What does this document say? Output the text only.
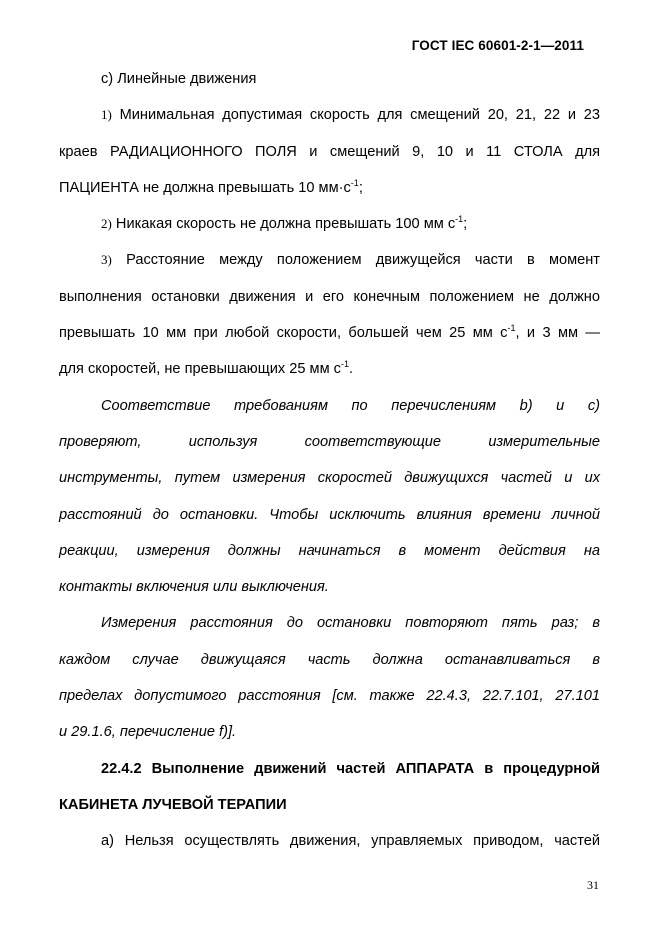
ГОСТ IEC 60601-2-1—2011

с) Линейные движения

1) Минимальная допустимая скорость для смещений 20, 21, 22 и 23

краев РАДИАЦИОННОГО ПОЛЯ и смещений 9, 10 и 11 СТОЛА для

ПАЦИЕНТА не должна превышать 10 $мм\cdot с^{-1}$;

2) Никакая скорость не должна превышать 100 мм $с^{-1}$;

3) Расстояние между положением движущейся части в момент

выполнения остановки движения и его конечным положением не должно

превышать 10 мм при любой скорости, большей чем 25 мм $с^{-1}$, и 3 мм —

для скоростей, не превышающих 25 мм $с^{-1}$.

Соответствие требованиям по перечислениям b) и с)

проверяют, используя соответствующие измерительные

инструменты, путем измерения скоростей движущихся частей и их

расстояний до остановки. Чтобы исключить влияния времени личной

реакции, измерения должны начинаться в момент действия на

контакты включения или выключения.

Измерения расстояния до остановки повторяют пять раз; в

каждом случае движущаяся часть должна останавливаться в

пределах допустимого расстояния [см. также 22.4.3, 22.7.101, 27.101

и 29.1.6, перечисление f)].

22.4.2 Выполнение движений частей АППАРАТА в процедурной

КАБИНЕТА ЛУЧЕВОЙ ТЕРАПИИ

а) Нельзя осуществлять движения, управляемых приводом, частей

31
